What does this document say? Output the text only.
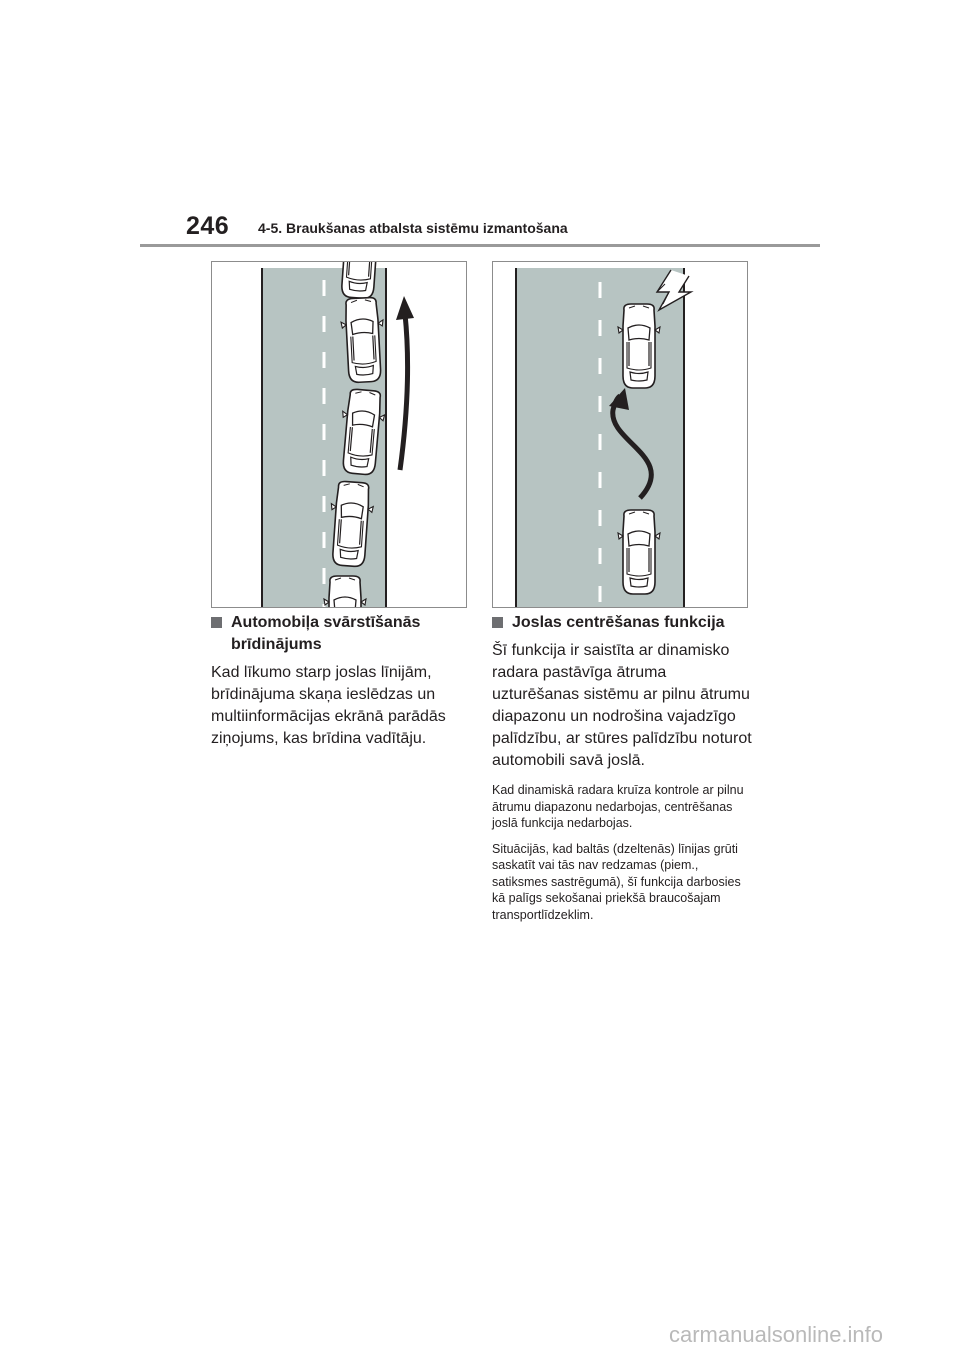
246 4-5. Braukšanas atbalsta sistēmu izmantošana
Automobiļa svārstīšanās brīdinājums

Kad līkumo starp joslas līnijām, brīdinājuma skaņa ieslēdzas un multiinformācijas ekrānā parādās ziņojums, kas brīdina vadītāju.

Joslas centrēšanas funkcija

Šī funkcija ir saistīta ar dinamisko radara pastāvīga ātruma uzturēšanas sistēmu ar pilnu ātrumu diapazonu un nodrošina vajadzīgo palīdzību, ar stūres palīdzību noturot automobili savā joslā.

Kad dinamiskā radara kruīza kontrole ar pilnu ātrumu diapazonu nedarbojas, centrēšanas joslā funkcija nedarbojas.

Situācijās, kad baltās (dzeltenās) līnijas grūti saskatīt vai tās nav redzamas (piem., satiksmes sastrēgumā), šī funkcija darbosies kā palīgs sekošanai priekšā braucošajam transportlīdzeklim.

carmanualsonline.info
